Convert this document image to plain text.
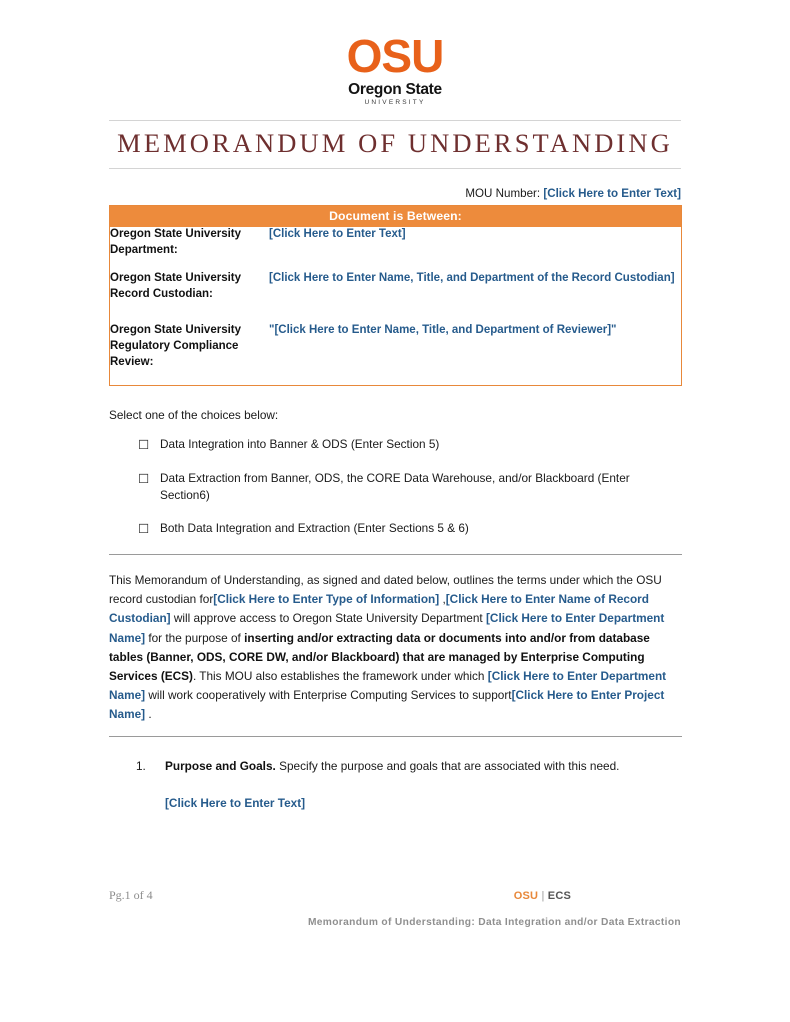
OSU
Oregon State
UNIVERSITY
MEMORANDUM OF UNDERSTANDING
MOU Number: [Click Here to Enter Text]
Document is Between:	
Oregon State University Department:	[Click Here to Enter Text]
Oregon State University Record Custodian:	[Click Here to Enter Name, Title, and Department of the Record Custodian]
Oregon State University Regulatory Compliance Review:	"[Click Here to Enter Name, Title, and Department of Reviewer]"
Select one of the choices below:
☐ Data Integration into Banner & ODS (Enter Section 5)
☐ Data Extraction from Banner, ODS, the CORE Data Warehouse, and/or Blackboard (Enter Section6)
☐ Both Data Integration and Extraction (Enter Sections 5 & 6)

This Memorandum of Understanding, as signed and dated below, outlines the terms under which the OSU record custodian for[Click Here to Enter Type of Information] ,[Click Here to Enter Name of Record Custodian] will approve access to Oregon State University Department [Click Here to Enter Department Name] for the purpose of inserting and/or extracting data or documents into and/or from database tables (Banner, ODS, CORE DW, and/or Blackboard) that are managed by Enterprise Computing Services (ECS). This MOU also establishes the framework under which [Click Here to Enter Department Name] will work cooperatively with Enterprise Computing Services to support[Click Here to Enter Project Name] .

1.	Purpose and Goals. Specify the purpose and goals that are associated with this need.
[Click Here to Enter Text]
Pg.1 of 4	OSU | ECS
Memorandum of Understanding: Data Integration and/or Data Extraction
